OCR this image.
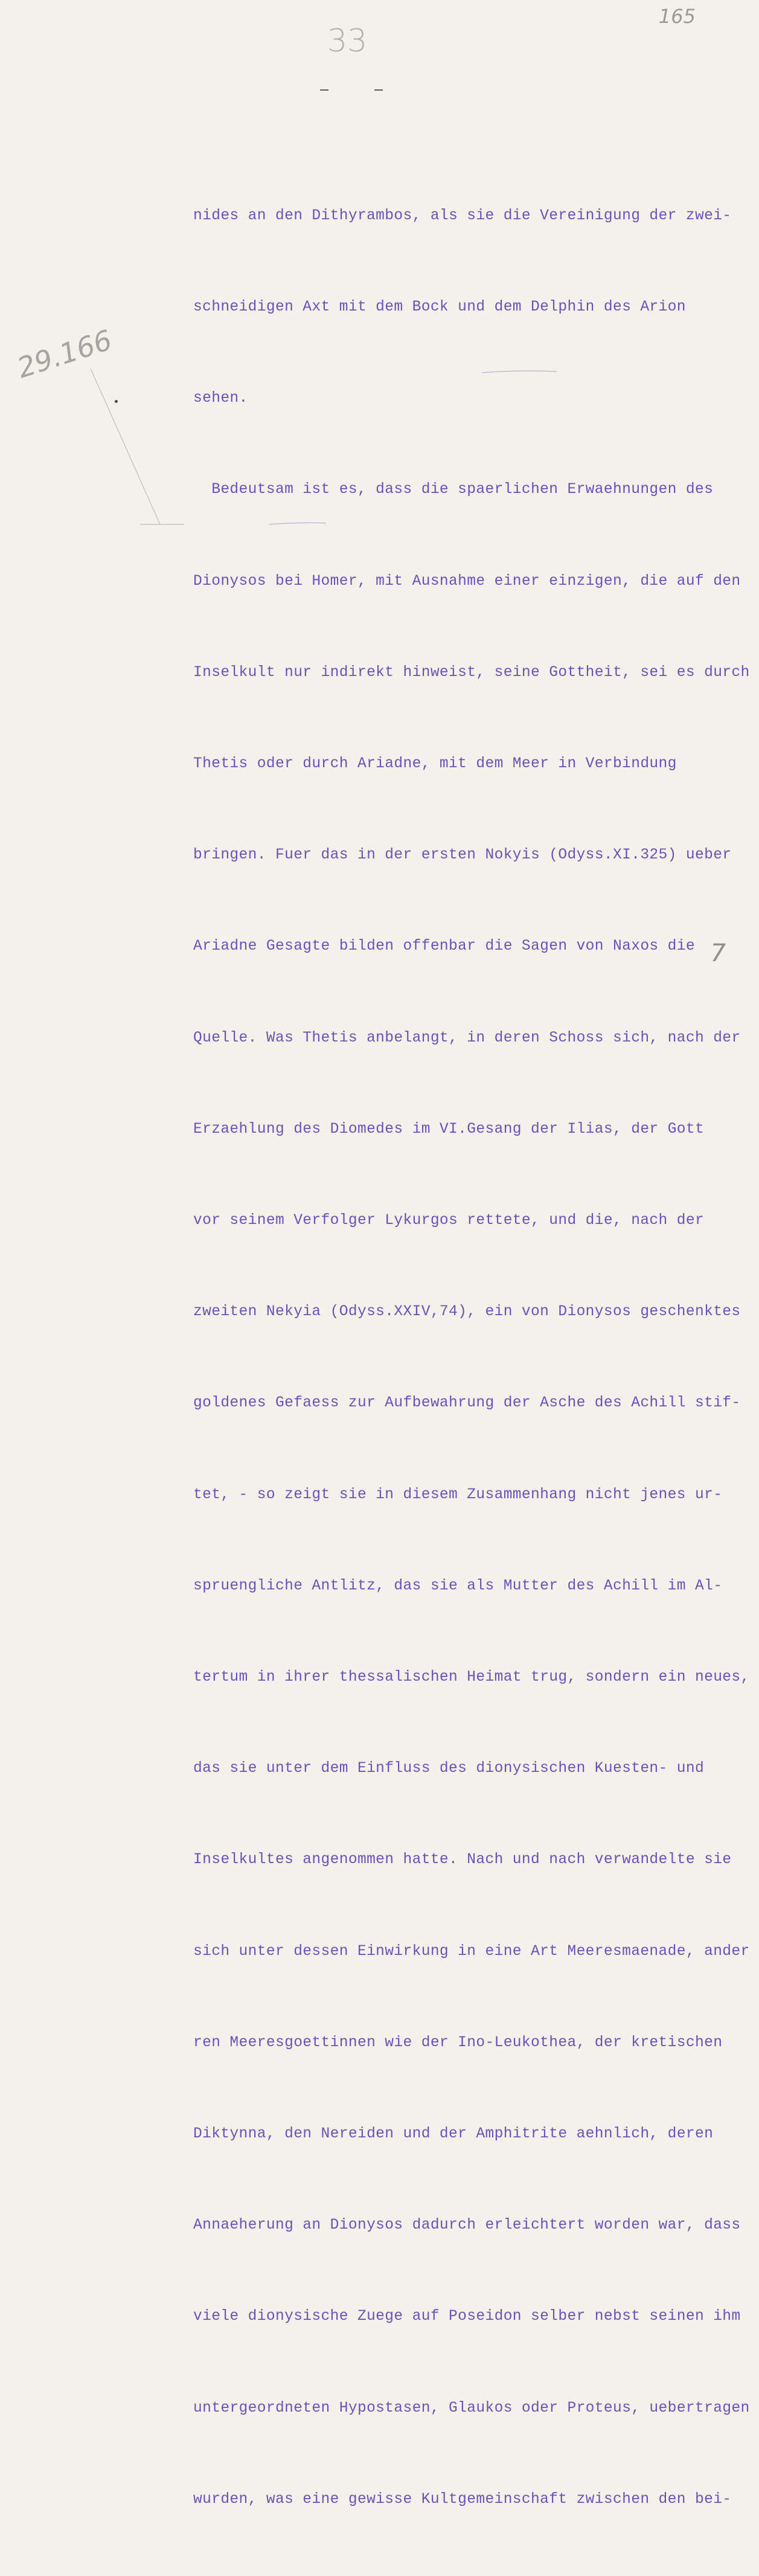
165
33
29.166
7

nides an den Dithyrambos, als sie die Vereinigung der zwei-

schneidigen Axt mit dem Bock und dem Delphin des Arion

sehen.

Bedeutsam ist es, dass die spaerlichen Erwaehnungen des

Dionysos bei Homer, mit Ausnahme einer einzigen, die auf den

Inselkult nur indirekt hinweist, seine Gottheit, sei es durch

Thetis oder durch Ariadne, mit dem Meer in Verbindung

bringen. Fuer das in der ersten Nokyis (Odyss.XI.325) ueber

Ariadne Gesagte bilden offenbar die Sagen von Naxos die

Quelle. Was Thetis anbelangt, in deren Schoss sich, nach der

Erzaehlung des Diomedes im VI.Gesang der Ilias, der Gott

vor seinem Verfolger Lykurgos rettete, und die, nach der

zweiten Nekyia (Odyss.XXIV,74), ein von Dionysos geschenktes

goldenes Gefaess zur Aufbewahrung der Asche des Achill stif-

tet, - so zeigt sie in diesem Zusammenhang nicht jenes ur-

spruengliche Antlitz, das sie als Mutter des Achill im Al-

tertum in ihrer thessalischen Heimat trug, sondern ein neues,

das sie unter dem Einfluss des dionysischen Kuesten- und

Inselkultes angenommen hatte. Nach und nach verwandelte sie

sich unter dessen Einwirkung in eine Art Meeresmaenade, ander

ren Meeresgoettinnen wie der Ino-Leukothea, der kretischen

Diktynna, den Nereiden und der Amphitrite aehnlich, deren

Annaeherung an Dionysos dadurch erleichtert worden war, dass

viele dionysische Zuege auf Poseidon selber nebst seinen ihm

untergeordneten Hypostasen, Glaukos oder Proteus, uebertragen

wurden, was eine gewisse Kultgemeinschaft zwischen den bei-
